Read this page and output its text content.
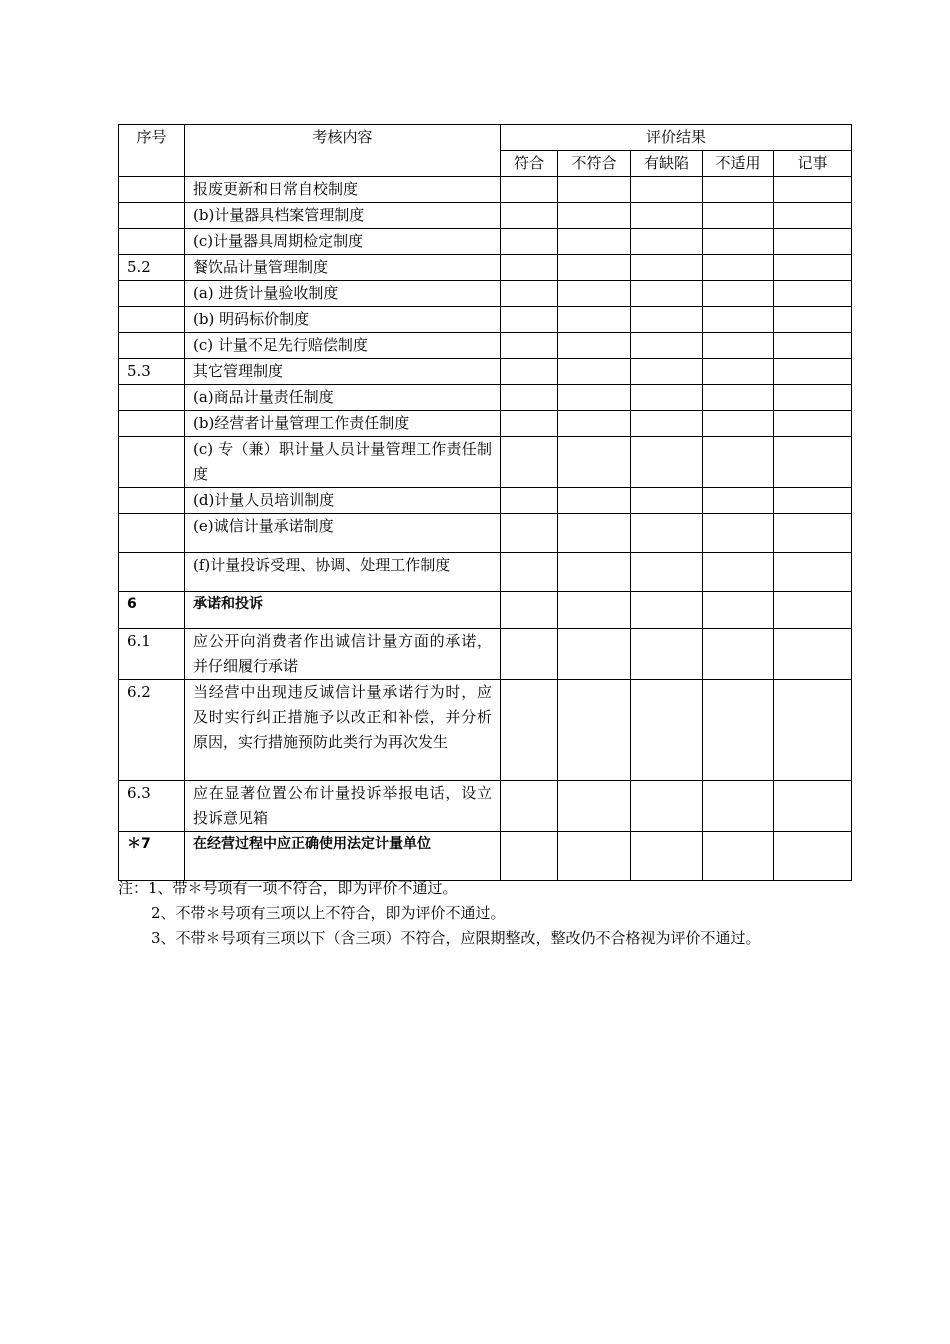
序号	考核内容	评价结果				
		符合	不符合	有缺陷	不适用	记事
	报废更新和日常自校制度					
	(b)计量器具档案管理制度					
	(c)计量器具周期检定制度					
5.2	餐饮品计量管理制度					
	(a) 进货计量验收制度					
	(b) 明码标价制度					
	(c) 计量不足先行赔偿制度					
5.3	其它管理制度					
	(a)商品计量责任制度					
	(b)经营者计量管理工作责任制度					
	(c) 专（兼）职计量人员计量管理工作责任制度					
	(d)计量人员培训制度					
	(e)诚信计量承诺制度					
	(f)计量投诉受理、协调、处理工作制度					
6	承诺和投诉					
6.1	应公开向消费者作出诚信计量方面的承诺，并仔细履行承诺					
6.2	当经营中出现违反诚信计量承诺行为时，应及时实行纠正措施予以改正和补偿，并分析原因，实行措施预防此类行为再次发生					
6.3	应在显著位置公布计量投诉举报电话，设立投诉意见箱					
＊7	在经营过程中应正确使用法定计量单位					
注：1、带＊号项有一项不符合，即为评价不通过。
2、不带＊号项有三项以上不符合，即为评价不通过。
3、不带＊号项有三项以下（含三项）不符合，应限期整改，整改仍不合格视为评价不通过。
